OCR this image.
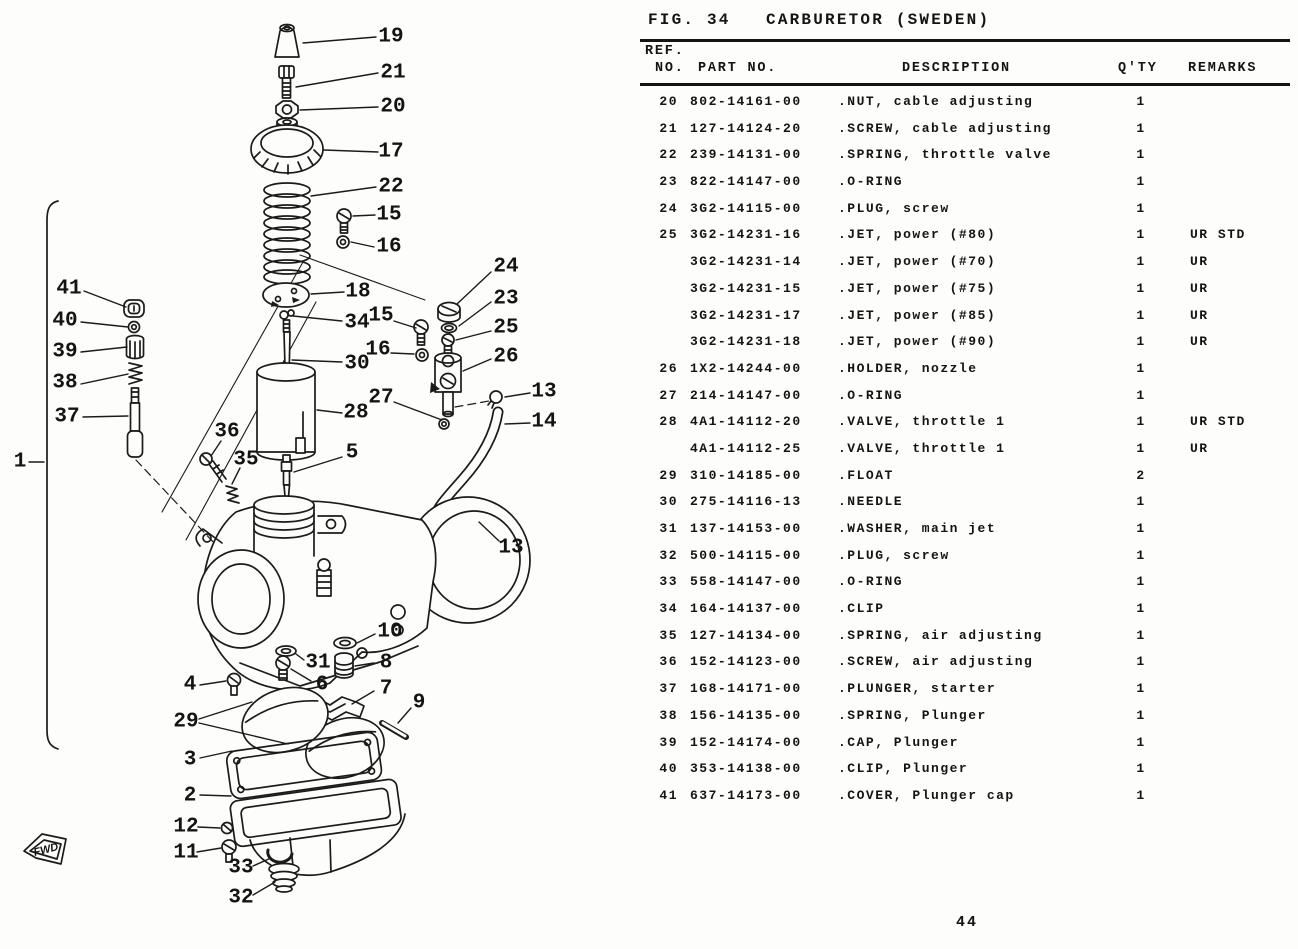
FWD
19
21
20
17
22
15
16
24
23
18
34
15
25
30
16	26
13
27
28	14
41
40
39
38
37
36
35	5
1
13
10
31 8
4	6 7
9
29
3
2
12
11
33
32
FIG. 34   CARBURETOR (SWEDEN)
REF.
NO. PART NO.	DESCRIPTION	Q'TY REMARKS
20 802-14161-00	.NUT, cable adjusting	1
21 127-14124-20	.SCREW, cable adjusting	1
22 239-14131-00	.SPRING, throttle valve	1
23 822-14147-00	.O-RING	1
24 3G2-14115-00	.PLUG, screw	1
25 3G2-14231-16	.JET, power (#80)	1	UR STD
3G2-14231-14	.JET, power (#70)	1	UR
3G2-14231-15	.JET, power (#75)	1	UR
3G2-14231-17	.JET, power (#85)	1	UR
3G2-14231-18	.JET, power (#90)	1	UR
26 1X2-14244-00	.HOLDER, nozzle	1
27 214-14147-00	.O-RING	1
28 4A1-14112-20	.VALVE, throttle 1	1	UR STD
4A1-14112-25	.VALVE, throttle 1	1	UR
29 310-14185-00	.FLOAT	2
30 275-14116-13	.NEEDLE	1
31 137-14153-00	.WASHER, main jet	1
32 500-14115-00	.PLUG, screw	1
33 558-14147-00	.O-RING	1
34 164-14137-00	.CLIP	1
35 127-14134-00	.SPRING, air adjusting	1
36 152-14123-00	.SCREW, air adjusting	1
37 1G8-14171-00	.PLUNGER, starter	1
38 156-14135-00	.SPRING, Plunger	1
39 152-14174-00	.CAP, Plunger	1
40 353-14138-00	.CLIP, Plunger	1
41 637-14173-00	.COVER, Plunger cap	1
44
